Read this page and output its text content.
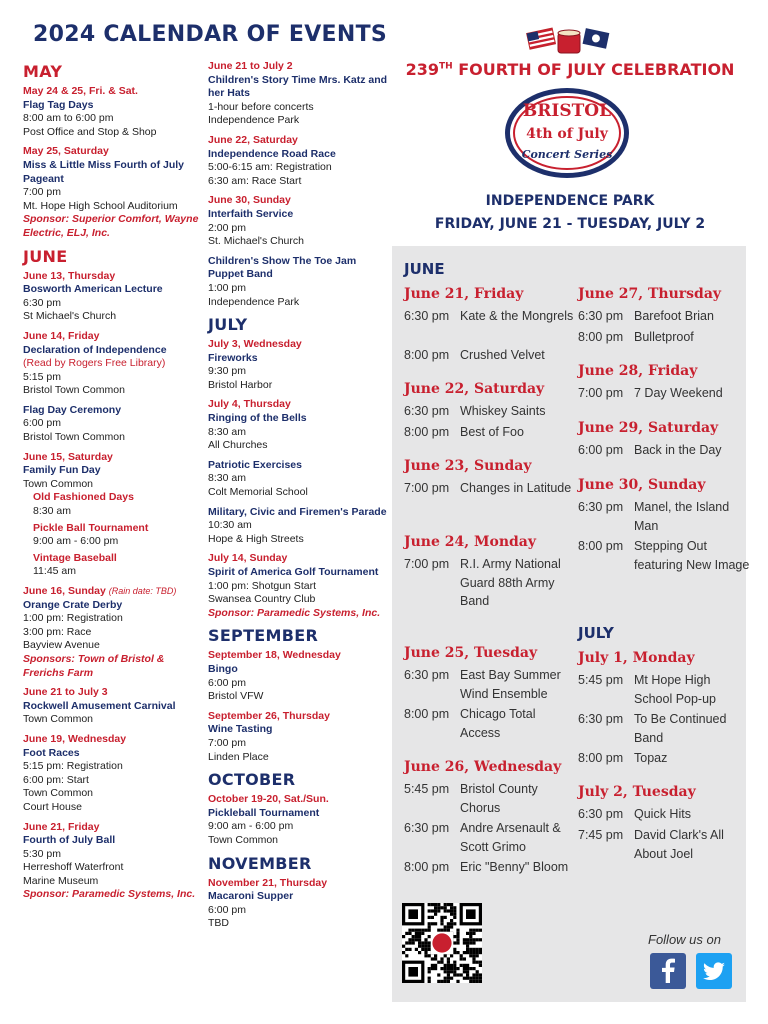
2024 CALENDAR OF EVENTS
MAY
May 24 & 25, Fri. & Sat.
Flag Tag Days
8:00 am to 6:00 pm
Post Office and Stop & Shop
May 25, Saturday
Miss & Little Miss Fourth of July Pageant
7:00 pm
Mt. Hope High School Auditorium
Sponsor: Superior Comfort, Wayne Electric, ELJ, Inc.
JUNE
June 13, Thursday
Bosworth American Lecture
6:30 pm
St Michael's Church
June 14, Friday
Declaration of Independence
(Read by Rogers Free Library)
5:15 pm
Bristol Town Common
Flag Day Ceremony
6:00 pm
Bristol Town Common
June 15, Saturday
Family Fun Day
Town Common
Old Fashioned Days
8:30 am
Pickle Ball Tournament
9:00 am - 6:00 pm
Vintage Baseball
11:45 am
June 16, Sunday (Rain date: TBD)
Orange Crate Derby
1:00 pm: Registration
3:00 pm: Race
Bayview Avenue
Sponsors: Town of Bristol & Frerichs Farm
June 21 to July 3
Rockwell Amusement Carnival
Town Common
June 19, Wednesday
Foot Races
5:15 pm: Registration
6:00 pm: Start
Town Common
Court House
June 21, Friday
Fourth of July Ball
5:30 pm
Herreshoff Waterfront
Marine Museum
Sponsor: Paramedic Systems, Inc.
June 21 to July 2
Children's Story Time Mrs. Katz and her Hats
1-hour before concerts
Independence Park
June 22, Saturday
Independence Road Race
5:00-6:15 am: Registration
6:30 am: Race Start
June 30, Sunday
Interfaith Service
2:00 pm
St. Michael's Church
Children's Show The Toe Jam Puppet Band
1:00 pm
Independence Park
JULY
July 3, Wednesday
Fireworks
9:30 pm
Bristol Harbor
July 4, Thursday
Ringing of the Bells
8:30 am
All Churches
Patriotic Exercises
8:30 am
Colt Memorial School
Military, Civic and Firemen's Parade
10:30 am
Hope & High Streets
July 14, Sunday
Spirit of America Golf Tournament
1:00 pm: Shotgun Start
Swansea Country Club
Sponsor: Paramedic Systems, Inc.
SEPTEMBER
September 18, Wednesday
Bingo
6:00 pm
Bristol VFW
September 26, Thursday
Wine Tasting
7:00 pm
Linden Place
OCTOBER
October 19-20, Sat./Sun.
Pickleball Tournament
9:00 am - 6:00 pm
Town Common
NOVEMBER
November 21, Thursday
Macaroni Supper
6:00 pm
TBD
239TH FOURTH OF JULY CELEBRATION
BRISTOL
4th of July
Concert Series
INDEPENDENCE PARK
FRIDAY, JUNE 21 - TUESDAY, JULY 2
JUNE
JULY
June 21, Friday
6:30 pm Kate & the Mongrels
8:00 pm Crushed Velvet
June 22, Saturday
6:30 pm Whiskey Saints
8:00 pm Best of Foo
June 23, Sunday
7:00 pm Changes in Latitude
June 24, Monday
7:00 pm R.I. Army National Guard 88th Army Band
June 25, Tuesday
6:30 pm East Bay Summer Wind Ensemble
8:00 pm Chicago Total Access
June 26, Wednesday
5:45 pm Bristol County Chorus
6:30 pm Andre Arsenault & Scott Grimo
8:00 pm Eric "Benny" Bloom
June 27, Thursday
6:30 pm Barefoot Brian
8:00 pm Bulletproof
June 28, Friday
7:00 pm 7 Day Weekend
June 29, Saturday
6:00 pm Back in the Day
June 30, Sunday
6:30 pm Manel, the Island Man
8:00 pm Stepping Out featuring New Image
July 1, Monday
5:45 pm Mt Hope High School Pop-up
6:30 pm To Be Continued Band
8:00 pm Topaz
July 2, Tuesday
6:30 pm Quick Hits
7:45 pm David Clark's All About Joel
Follow us on
